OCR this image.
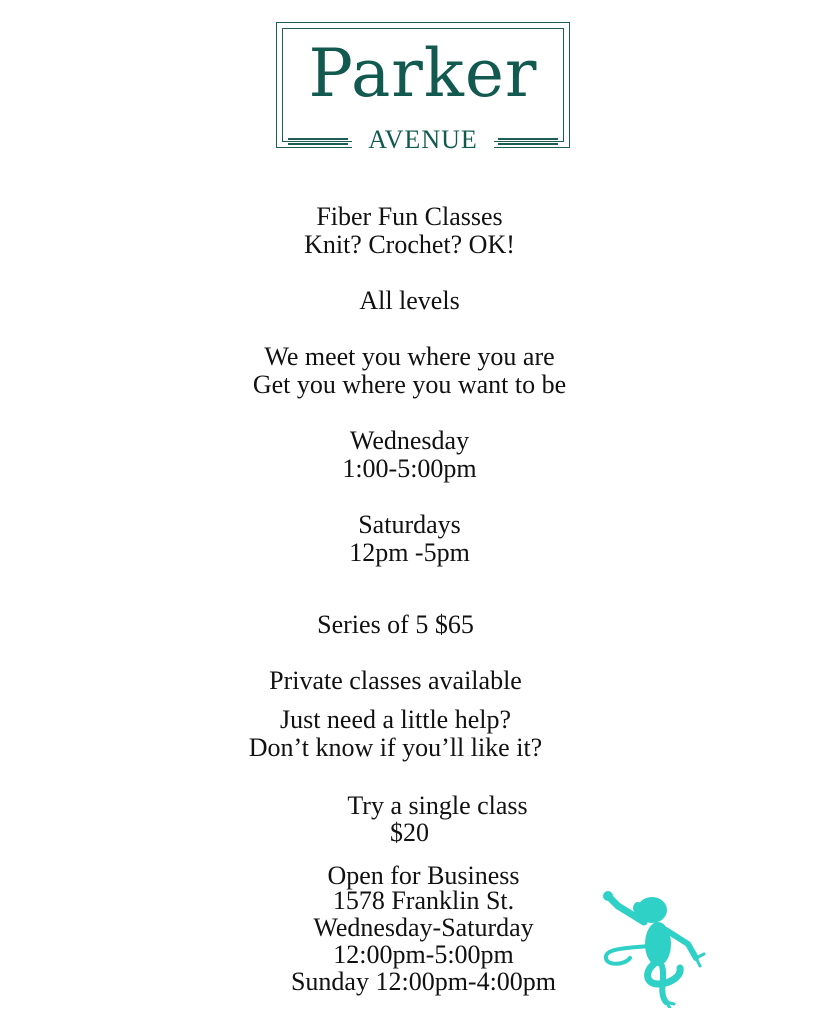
Parker
AVENUE
Fiber Fun Classes
Knit? Crochet? OK!
All levels
We meet you where you are
Get you where you want to be
Wednesday
1:00-5:00pm
Saturdays
12pm -5pm
Series of 5 $65
Private classes available
Just need a little help?
Don’t know if you’ll like it?
Try a single class
$20
Open for Business
1578 Franklin St.
Wednesday-Saturday
12:00pm-5:00pm
Sunday 12:00pm-4:00pm
